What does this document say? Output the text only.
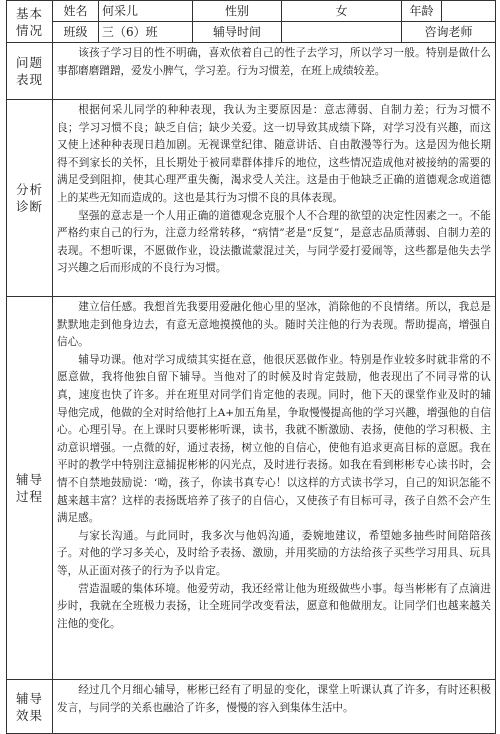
基本情况	姓名	何采儿	性别	女	年龄	
	班级	三（6）班	辅导时间		咨询老师	
问题表现	该孩子学习目的性不明确，喜欢依着自己的性子去学习，所以学习一般。特别是做什么事都磨磨蹭蹭，爱发小脾气，学习差。行为习惯差，在班上成绩较差。					

分析诊断	根据何采儿同学的种种表现，我认为主要原因是：意志薄弱、自制力差；行为习惯不良；学习习惯不良；缺乏自信；缺少关爱。这一切导致其成绩下降，对学习没有兴趣，而这又使上述种种表现日趋加剧。无视课堂纪律、随意讲话、自由散漫等行为。这是因为他长期得不到家长的关怀，且长期处于被同辈群体排斥的地位，这些情况造成他对被接纳的需要的满足受到阻抑，使其心理严重失衡，渴求受人关注。这是由于他缺乏正确的道德观念或道德上的某些无知而造成的。这也是其行为习惯不良的具体表现。

坚强的意志是一个人用正确的道德观念克服个人不合理的欲望的决定性因素之一。不能严格约束自己的行为，注意力经常转移，“病情”老是“反复”，是意志品质薄弱、自制力差的表现。不想听课，不愿做作业，设法撒谎蒙混过关，与同学爱打爱闹等，这些都是他失去学习兴趣之后而形成的不良行为习惯。					

辅导过程	建立信任感。我想首先我要用爱融化他心里的坚冰，消除他的不良情绪。所以，我总是默默地走到他身边去，有意无意地摸摸他的头。随时关注他的行为表现。帮助提高，增强自信心。

辅导功课。他对学习成绩其实挺在意，他很厌恶做作业。特别是作业较多时就非常的不愿意做，我将他独自留下辅导。当他对了的时候及时肯定鼓励，他表现出了不同寻常的认真，速度也快了许多。并在班里对同学们肯定他的表现。同时，他下天的课堂作业及时的辅导他完成，他做的全对时给他打上A+加五角星，争取慢慢提高他的学习兴趣，增强他的自信心。心理引导。在上课时只要彬彬听课，读书，我就不断激励、表扬，使他的学习积极、主动意识增强。一点微的好，通过表扬，树立他的自信心，使他有追求更高目标的意愿。我在平时的教学中特别注意捕捉彬彬的闪光点，及时进行表扬。如我在看到彬彬专心读书时，会情不自禁地鼓励说：‘呦，孩子，你读书真专心！以这样的方式读书学习，自己的知识怎能不越来越丰富？这样的表扬既培养了孩子的自信心，又使孩子有目标可寻，孩子自然不会产生满足感。

与家长沟通。与此同时，我多次与他妈沟通，委婉地建议，希望她多抽些时间陪陪孩子。对他的学习多关心，及时给予表扬、激励，并用奖励的方法给孩子买些学习用具、玩具等，从正面对孩子的行为予以肯定。

营造温暖的集体环境。他爱劳动，我还经常让他为班级做些小事。每当彬彬有了点滴进步时，我就在全班极力表扬，让全班同学改变看法，愿意和他做朋友。让同学们也越来越关注他的变化。					

辅导效果	经过几个月细心辅导，彬彬已经有了明显的变化，课堂上听课认真了许多，有时还积极发言，与同学的关系也融洽了许多，慢慢的容入到集体生活中。					
